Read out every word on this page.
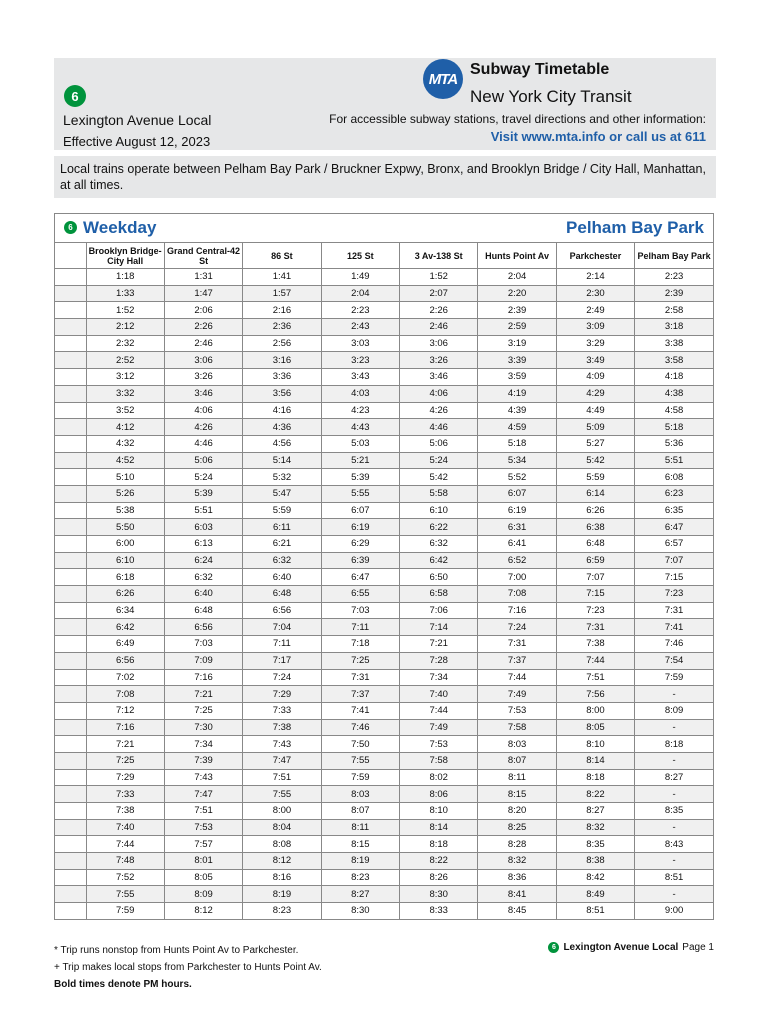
6
Lexington Avenue Local
Effective August 12, 2023
MTA
Subway Timetable
New York City Transit
For accessible subway stations, travel directions and other information:
Visit www.mta.info or call us at 611
Local trains operate between Pelham Bay Park / Bruckner Expwy, Bronx, and Brooklyn Bridge / City Hall, Manhattan, at all times.
6 Weekday	Pelham Bay Park
	Brooklyn Bridge-City Hall	Grand Central-42 St	86 St	125 St	3 Av-138 St	Hunts Point Av	Parkchester	Pelham Bay Park
	1:18	1:31	1:41	1:49	1:52	2:04	2:14	2:23
	1:33	1:47	1:57	2:04	2:07	2:20	2:30	2:39
	1:52	2:06	2:16	2:23	2:26	2:39	2:49	2:58
	2:12	2:26	2:36	2:43	2:46	2:59	3:09	3:18
	2:32	2:46	2:56	3:03	3:06	3:19	3:29	3:38
	2:52	3:06	3:16	3:23	3:26	3:39	3:49	3:58
	3:12	3:26	3:36	3:43	3:46	3:59	4:09	4:18
	3:32	3:46	3:56	4:03	4:06	4:19	4:29	4:38
	3:52	4:06	4:16	4:23	4:26	4:39	4:49	4:58
	4:12	4:26	4:36	4:43	4:46	4:59	5:09	5:18
	4:32	4:46	4:56	5:03	5:06	5:18	5:27	5:36
	4:52	5:06	5:14	5:21	5:24	5:34	5:42	5:51
	5:10	5:24	5:32	5:39	5:42	5:52	5:59	6:08
	5:26	5:39	5:47	5:55	5:58	6:07	6:14	6:23
	5:38	5:51	5:59	6:07	6:10	6:19	6:26	6:35
	5:50	6:03	6:11	6:19	6:22	6:31	6:38	6:47
	6:00	6:13	6:21	6:29	6:32	6:41	6:48	6:57
	6:10	6:24	6:32	6:39	6:42	6:52	6:59	7:07
	6:18	6:32	6:40	6:47	6:50	7:00	7:07	7:15
	6:26	6:40	6:48	6:55	6:58	7:08	7:15	7:23
	6:34	6:48	6:56	7:03	7:06	7:16	7:23	7:31
	6:42	6:56	7:04	7:11	7:14	7:24	7:31	7:41
	6:49	7:03	7:11	7:18	7:21	7:31	7:38	7:46
	6:56	7:09	7:17	7:25	7:28	7:37	7:44	7:54
	7:02	7:16	7:24	7:31	7:34	7:44	7:51	7:59
	7:08	7:21	7:29	7:37	7:40	7:49	7:56	-
	7:12	7:25	7:33	7:41	7:44	7:53	8:00	8:09
	7:16	7:30	7:38	7:46	7:49	7:58	8:05	-
	7:21	7:34	7:43	7:50	7:53	8:03	8:10	8:18
	7:25	7:39	7:47	7:55	7:58	8:07	8:14	-
	7:29	7:43	7:51	7:59	8:02	8:11	8:18	8:27
	7:33	7:47	7:55	8:03	8:06	8:15	8:22	-
	7:38	7:51	8:00	8:07	8:10	8:20	8:27	8:35
	7:40	7:53	8:04	8:11	8:14	8:25	8:32	-
	7:44	7:57	8:08	8:15	8:18	8:28	8:35	8:43
	7:48	8:01	8:12	8:19	8:22	8:32	8:38	-
	7:52	8:05	8:16	8:23	8:26	8:36	8:42	8:51
	7:55	8:09	8:19	8:27	8:30	8:41	8:49	-
	7:59	8:12	8:23	8:30	8:33	8:45	8:51	9:00
* Trip runs nonstop from Hunts Point Av to Parkchester.
+ Trip makes local stops from Parkchester to Hunts Point Av.
Bold times denote PM hours.
6 Lexington Avenue Local Page 1
